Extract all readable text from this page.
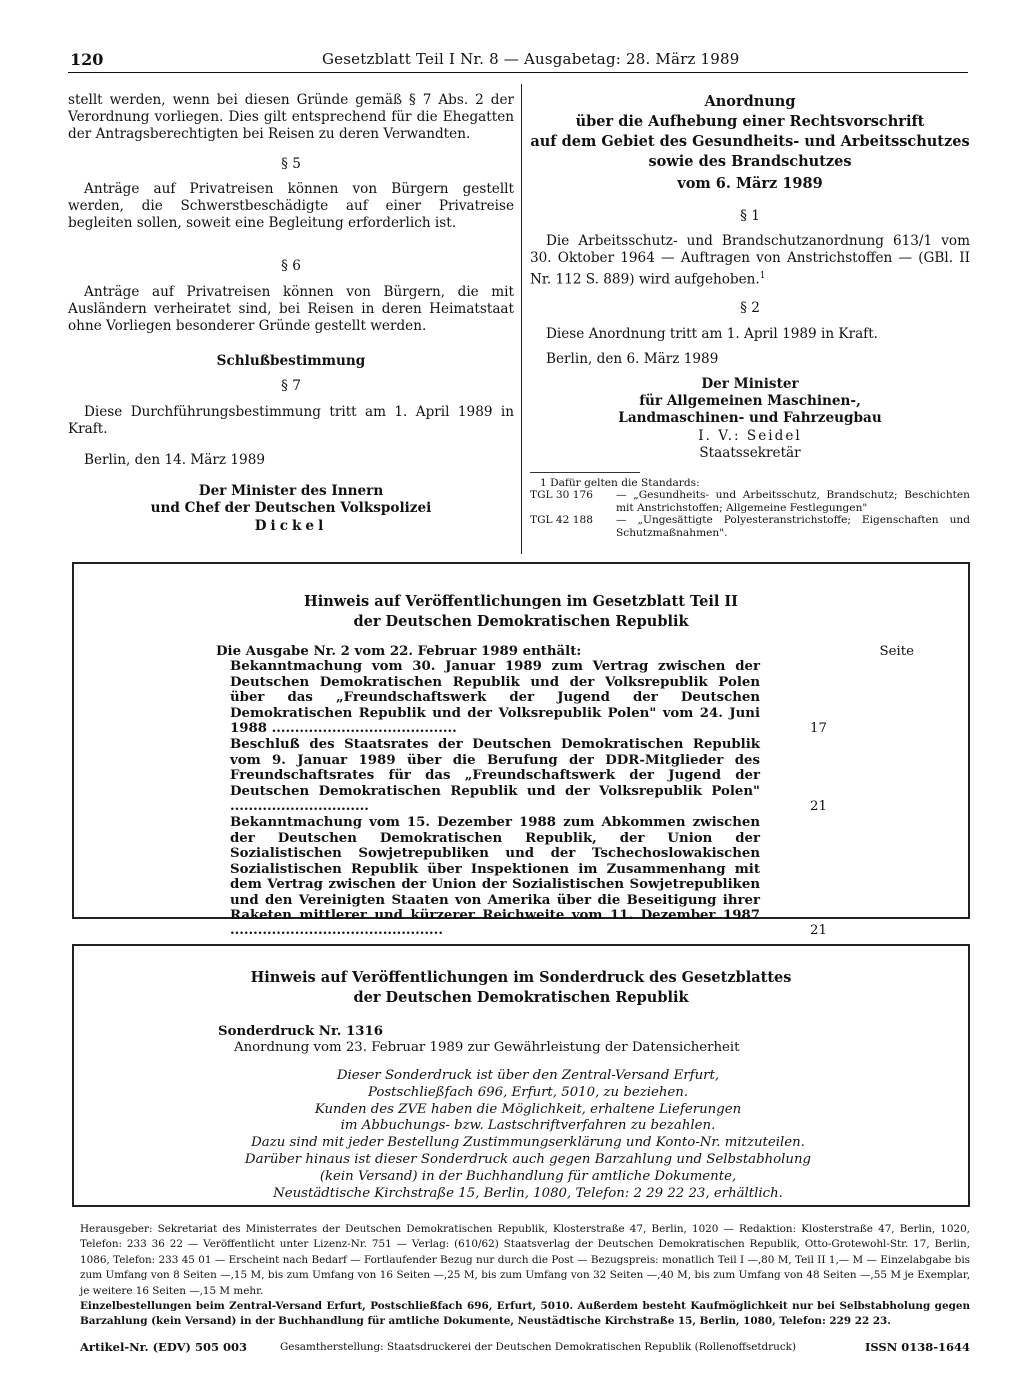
120	Gesetzblatt Teil I Nr. 8 — Ausgabetag: 28. März 1989

stellt werden, wenn bei diesen Gründe gemäß § 7 Abs. 2 der Verordnung vorliegen. Dies gilt entsprechend für die Ehegatten der Antragsberechtigten bei Reisen zu deren Verwandten.

§ 5

Anträge auf Privatreisen können von Bürgern gestellt werden, die Schwerstbeschädigte auf einer Privatreise begleiten sollen, soweit eine Begleitung erforderlich ist.

§ 6

Anträge auf Privatreisen können von Bürgern, die mit Ausländern verheiratet sind, bei Reisen in deren Heimatstaat ohne Vorliegen besonderer Gründe gestellt werden.

Schlußbestimmung

§ 7

Diese Durchführungsbestimmung tritt am 1. April 1989 in Kraft.

Berlin, den 14. März 1989

Der Minister des Innern

und Chef der Deutschen Volkspolizei

Dickel

Anordnung

über die Aufhebung einer Rechtsvorschrift

auf dem Gebiet des Gesundheits- und Arbeitsschutzes

sowie des Brandschutzes

vom 6. März 1989

§ 1

Die Arbeitsschutz- und Brandschutzanordnung 613/1 vom 30. Oktober 1964 — Auftragen von Anstrichstoffen — (GBl. II Nr. 112 S. 889) wird aufgehoben.$^1$

§ 2

Diese Anordnung tritt am 1. April 1989 in Kraft.

Berlin, den 6. März 1989

Der Minister

für Allgemeinen Maschinen-,

Landmaschinen- und Fahrzeugbau

I. V.: Seidel

Staatssekretär

1 Dafür gelten die Standards:
TGL 30 176	— „Gesundheits- und Arbeitsschutz, Brandschutz; Beschichten mit Anstrichstoffen; Allgemeine Festlegungen"
TGL 42 188	— „Ungesättigte Polyesteranstrichstoffe; Eigenschaften und Schutzmaßnahmen".
Hinweis auf Veröffentlichungen im Gesetzblatt Teil II
der Deutschen Demokratischen Republik
Seite
Die Ausgabe Nr. 2 vom 22. Februar 1989 enthält:
Bekanntmachung vom 30. Januar 1989 zum Vertrag zwischen der Deutschen Demokratischen Republik und der Volksrepublik Polen über das „Freundschaftswerk der Jugend der Deutschen Demokratischen Republik und der Volksrepublik Polen" vom 24. Juni 1988 ........................................	17
Beschluß des Staatsrates der Deutschen Demokratischen Republik vom 9. Januar 1989 über die Berufung der DDR-Mitglieder des Freundschaftsrates für das „Freundschaftswerk der Jugend der Deutschen Demokratischen Republik und der Volksrepublik Polen" ..............................	21
Bekanntmachung vom 15. Dezember 1988 zum Abkommen zwischen der Deutschen Demokratischen Republik, der Union der Sozialistischen Sowjetrepubliken und der Tschechoslowakischen Sozialistischen Republik über Inspektionen im Zusammenhang mit dem Vertrag zwischen der Union der Sozialistischen Sowjetrepubliken und den Vereinigten Staaten von Amerika über die Beseitigung ihrer Raketen mittlerer und kürzerer Reichweite vom 11. Dezember 1987 ..............................................	21
Hinweis auf Veröffentlichungen im Sonderdruck des Gesetzblattes
der Deutschen Demokratischen Republik
Sonderdruck Nr. 1316
Anordnung vom 23. Februar 1989 zur Gewährleistung der Datensicherheit
Dieser Sonderdruck ist über den Zentral-Versand Erfurt,
Postschließfach 696, Erfurt, 5010, zu beziehen.
Kunden des ZVE haben die Möglichkeit, erhaltene Lieferungen
im Abbuchungs- bzw. Lastschriftverfahren zu bezahlen.
Dazu sind mit jeder Bestellung Zustimmungserklärung und Konto-Nr. mitzuteilen.
Darüber hinaus ist dieser Sonderdruck auch gegen Barzahlung und Selbstabholung
(kein Versand) in der Buchhandlung für amtliche Dokumente,
Neustädtische Kirchstraße 15, Berlin, 1080, Telefon: 2 29 22 23, erhältlich.

Herausgeber: Sekretariat des Ministerrates der Deutschen Demokratischen Republik, Klosterstraße 47, Berlin, 1020 — Redaktion: Klosterstraße 47, Berlin, 1020, Telefon: 233 36 22 — Veröffentlicht unter Lizenz-Nr. 751 — Verlag: (610/62) Staatsverlag der Deutschen Demokratischen Republik, Otto-Grotewohl-Str. 17, Berlin, 1086, Telefon: 233 45 01 — Erscheint nach Bedarf — Fortlaufender Bezug nur durch die Post — Bezugspreis: monatlich Teil I —,80 M, Teil II 1,— M — Einzelabgabe bis zum Umfang von 8 Seiten —,15 M, bis zum Umfang von 16 Seiten —,25 M, bis zum Umfang von 32 Seiten —,40 M, bis zum Umfang von 48 Seiten —,55 M je Exemplar, je weitere 16 Seiten —,15 M mehr.

Einzelbestellungen beim Zentral-Versand Erfurt, Postschließfach 696, Erfurt, 5010. Außerdem besteht Kaufmöglichkeit nur bei Selbstabholung gegen Barzahlung (kein Versand) in der Buchhandlung für amtliche Dokumente, Neustädtische Kirchstraße 15, Berlin, 1080, Telefon: 229 22 23.

Artikel-Nr. (EDV) 505 003	Gesamtherstellung: Staatsdruckerei der Deutschen Demokratischen Republik (Rollenoffsetdruck)	ISSN 0138-1644
